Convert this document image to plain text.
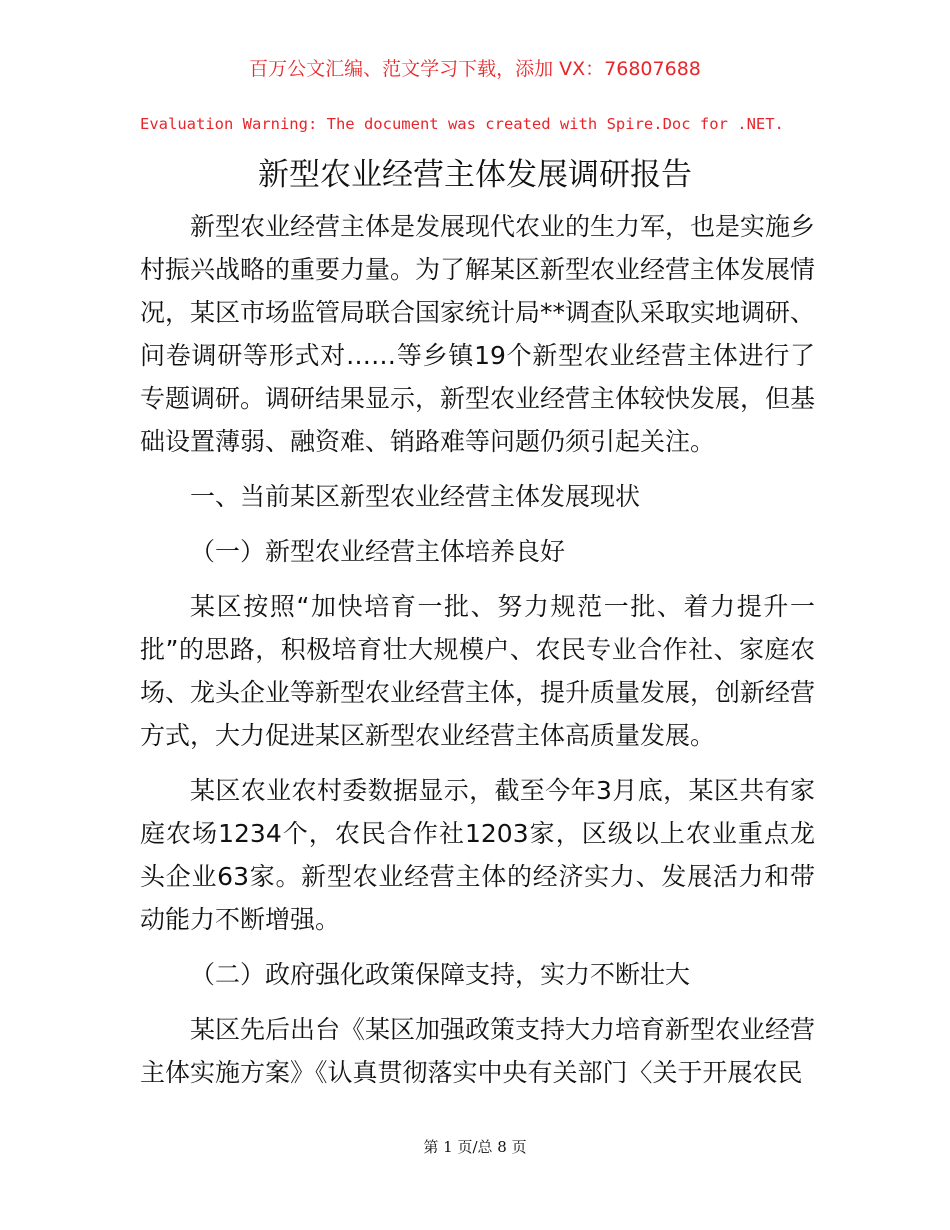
百万公文汇编、范文学习下载，添加 VX：76807688
Evaluation Warning: The document was created with Spire.Doc for .NET.
新型农业经营主体发展调研报告

新型农业经营主体是发展现代农业的生力军，也是实施乡村振兴战略的重要力量。为了解某区新型农业经营主体发展情况，某区市场监管局联合国家统计局**调查队采取实地调研、问卷调研等形式对……等乡镇19个新型农业经营主体进行了专题调研。调研结果显示，新型农业经营主体较快发展，但基础设置薄弱、融资难、销路难等问题仍须引起关注。

一、当前某区新型农业经营主体发展现状

（一）新型农业经营主体培养良好

某区按照“加快培育一批、努力规范一批、着力提升一批”的思路，积极培育壮大规模户、农民专业合作社、家庭农场、龙头企业等新型农业经营主体，提升质量发展，创新经营方式，大力促进某区新型农业经营主体高质量发展。

某区农业农村委数据显示，截至今年3月底，某区共有家庭农场1234个，农民合作社1203家，区级以上农业重点龙头企业63家。新型农业经营主体的经济实力、发展活力和带动能力不断增强。

（二）政府强化政策保障支持，实力不断壮大

某区先后出台《某区加强政策支持大力培育新型农业经营主体实施方案》《认真贯彻落实中央有关部门〈关于开展农民

第 1 页/总 8 页
